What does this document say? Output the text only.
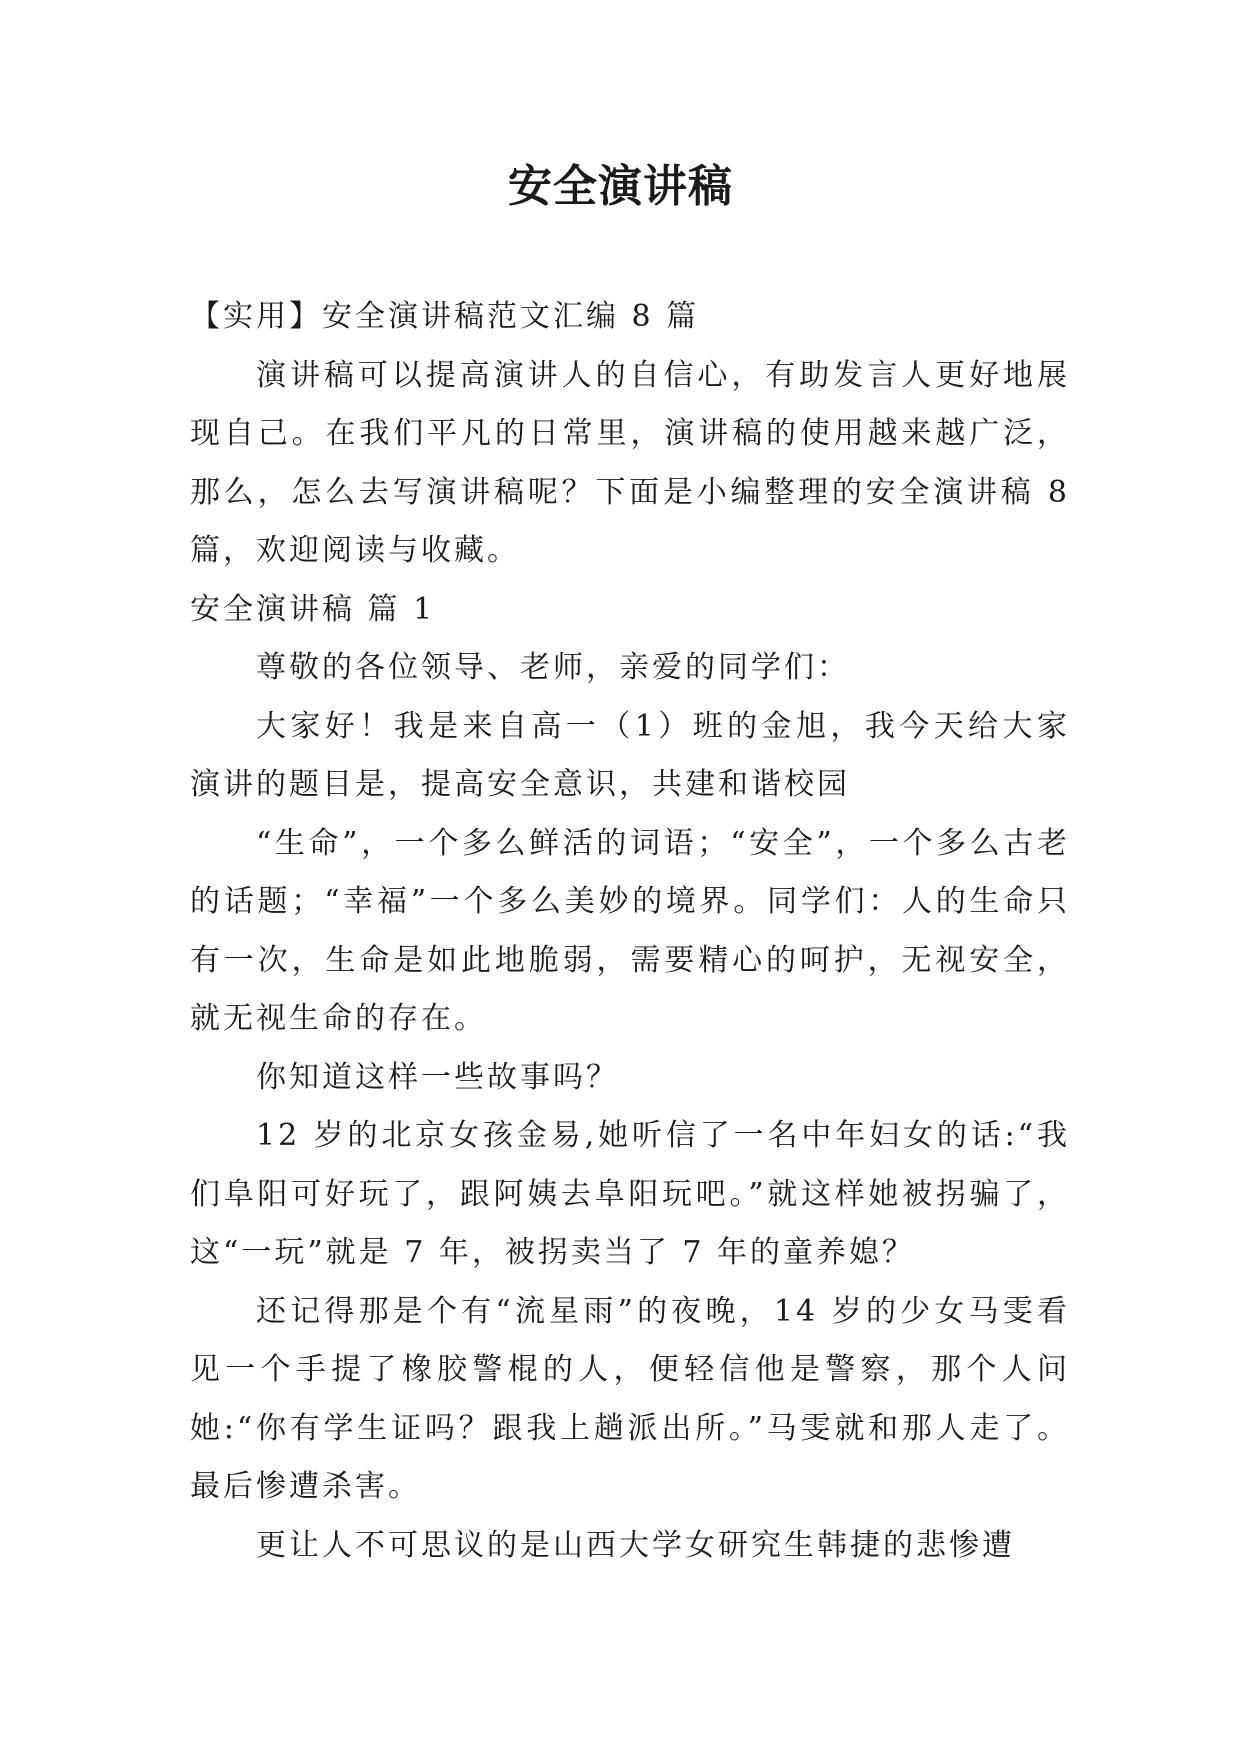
安全演讲稿

【实用】安全演讲稿范文汇编 8 篇

演讲稿可以提高演讲人的自信心，有助发言人更好地展现自己。在我们平凡的日常里，演讲稿的使用越来越广泛，那么，怎么去写演讲稿呢？下面是小编整理的安全演讲稿 8 篇，欢迎阅读与收藏。

安全演讲稿 篇 1

尊敬的各位领导、老师，亲爱的同学们：

大家好！我是来自高一（1）班的金旭，我今天给大家演讲的题目是，提高安全意识，共建和谐校园

“生命”，一个多么鲜活的词语；“安全”，一个多么古老的话题；“幸福”一个多么美妙的境界。同学们：人的生命只有一次，生命是如此地脆弱，需要精心的呵护，无视安全，就无视生命的存在。

你知道这样一些故事吗？

12 岁的北京女孩金易,她听信了一名中年妇女的话:“我们阜阳可好玩了，跟阿姨去阜阳玩吧。”就这样她被拐骗了，这“一玩”就是 7 年，被拐卖当了 7 年的童养媳？

还记得那是个有“流星雨”的夜晚，14 岁的少女马雯看见一个手提了橡胶警棍的人，便轻信他是警察，那个人问她:“你有学生证吗？跟我上趟派出所。”马雯就和那人走了。最后惨遭杀害。

更让人不可思议的是山西大学女研究生韩捷的悲惨遭
